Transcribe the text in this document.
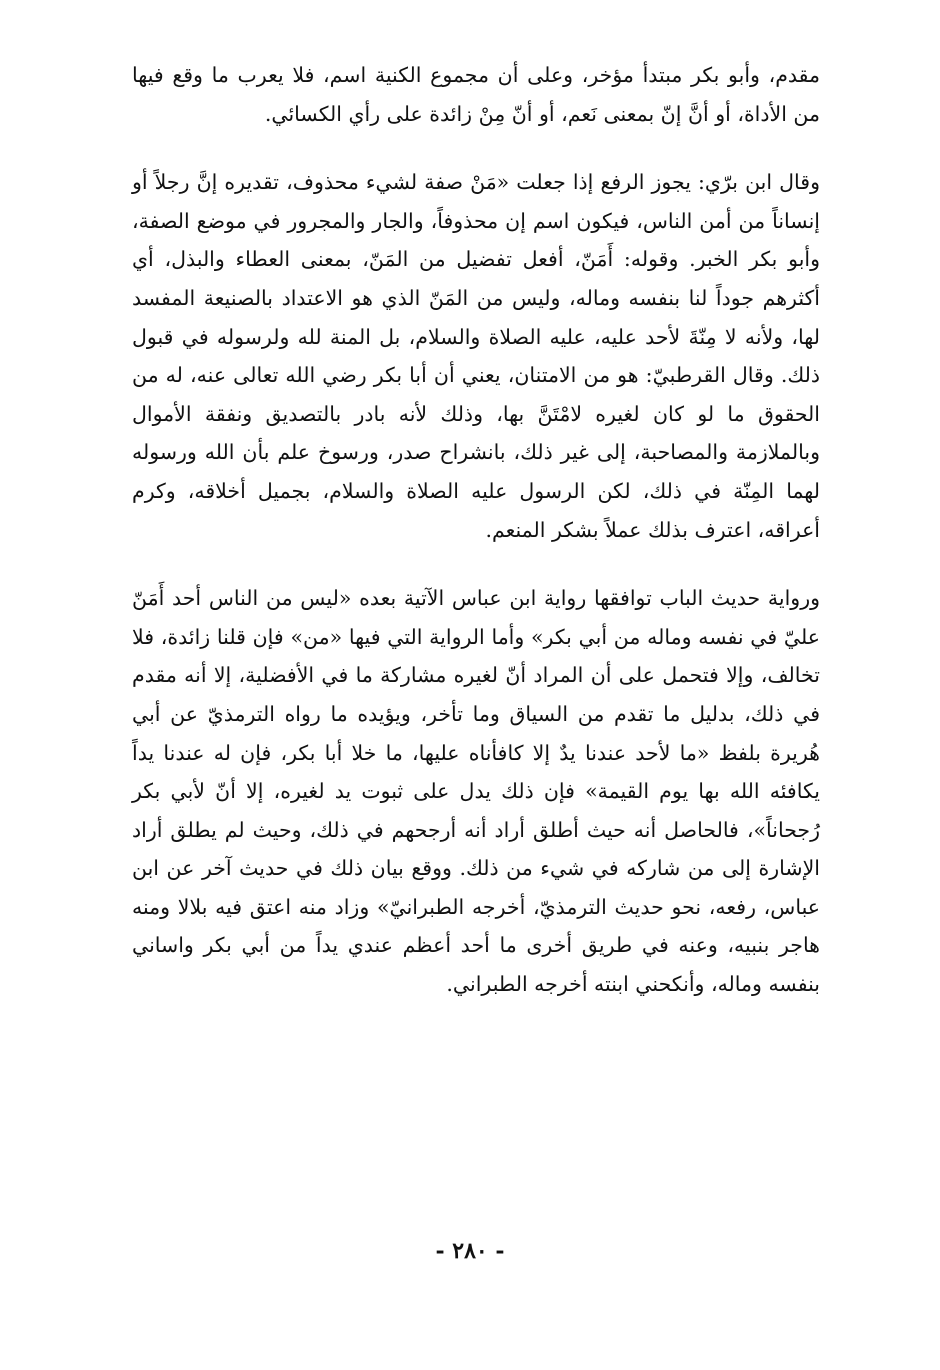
مقدم، وأبو بكر مبتدأ مؤخر، وعلى أن مجموع الكنية اسم، فلا يعرب ما وقع فيها من الأداة، أو أنَّ إنّ بمعنى نَعم، أو أنّ مِنْ زائدة على رأي الكسائي.

وقال ابن برّي: يجوز الرفع إذا جعلت «مَنْ صفة لشيء محذوف، تقديره إنَّ رجلاً أو إنساناً من أمن الناس، فيكون اسم إن محذوفاً، والجار والمجرور في موضع الصفة، وأبو بكر الخبر. وقوله: أَمَنّ، أفعل تفضيل من المَنّ، بمعنى العطاء والبذل، أي أكثرهم جوداً لنا بنفسه وماله، وليس من المَنّ الذي هو الاعتداد بالصنيعة المفسد لها، ولأنه لا مِنّةَ لأحد عليه، عليه الصلاة والسلام، بل المنة لله ولرسوله في قبول ذلك. وقال القرطبيّ: هو من الامتنان، يعني أن أبا بكر رضي الله تعالى عنه، له من الحقوق ما لو كان لغيره لامْتَنَّ بها، وذلك لأنه بادر بالتصديق ونفقة الأموال وبالملازمة والمصاحبة، إلى غير ذلك، بانشراح صدر، ورسوخ علم بأن الله ورسوله لهما المِنّة في ذلك، لكن الرسول عليه الصلاة والسلام، بجميل أخلاقه، وكرم أعراقه، اعترف بذلك عملاً بشكر المنعم.

ورواية حديث الباب توافقها رواية ابن عباس الآتية بعده «ليس من الناس أحد أَمَنّ عليّ في نفسه وماله من أبي بكر» وأما الرواية التي فيها «من» فإن قلنا زائدة، فلا تخالف، وإلا فتحمل على أن المراد أنّ لغيره مشاركة ما في الأفضلية، إلا أنه مقدم في ذلك، بدليل ما تقدم من السياق وما تأخر، ويؤيده ما رواه الترمذيّ عن أبي هُريرة بلفظ «ما لأحد عندنا يدٌ إلا كافأناه عليها، ما خلا أبا بكر، فإن له عندنا يداً يكافئه الله بها يوم القيمة» فإن ذلك يدل على ثبوت يد لغيره، إلا أنّ لأبي بكر رُجحاناً»، فالحاصل أنه حيث أطلق أراد أنه أرجحهم في ذلك، وحيث لم يطلق أراد الإشارة إلى من شاركه في شيء من ذلك. ووقع بيان ذلك في حديث آخر عن ابن عباس، رفعه، نحو حديث الترمذيّ، أخرجه الطبرانيّ» وزاد منه اعتق فيه بلالا ومنه هاجر بنبيه، وعنه في طريق أخرى ما أحد أعظم عندي يداً من أبي بكر واساني بنفسه وماله، وأنكحني ابنته أخرجه الطبراني.

- ٢٨٠ -
